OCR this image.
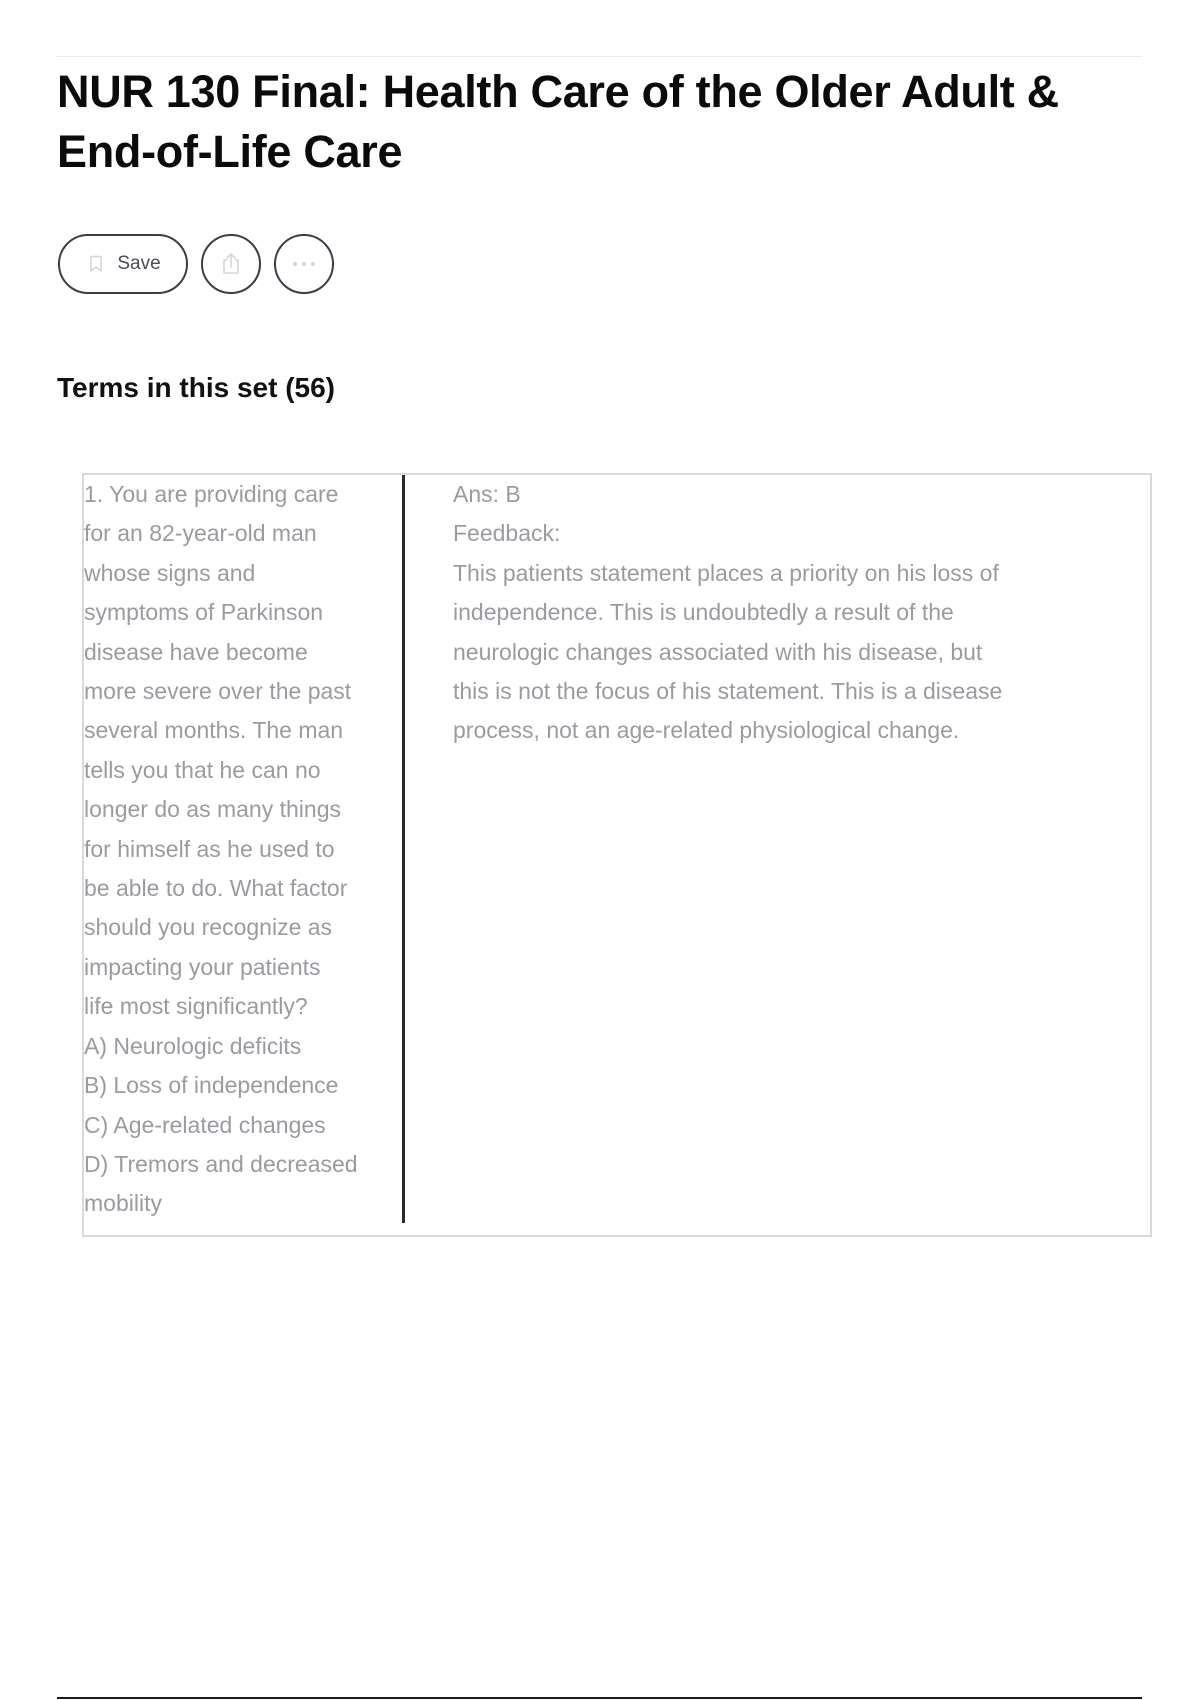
NUR 130 Final: Health Care of the Older Adult &
End-of-Life Care
Save
Terms in this set (56)
1. You are providing care
for an 82-year-old man
whose signs and
symptoms of Parkinson
disease have become
more severe over the past
several months. The man
tells you that he can no
longer do as many things
for himself as he used to
be able to do. What factor
should you recognize as
impacting your patients
life most significantly?
A) Neurologic deficits
B) Loss of independence
C) Age-related changes
D) Tremors and decreased
mobility
Ans: B
Feedback:
This patients statement places a priority on his loss of
independence. This is undoubtedly a result of the
neurologic changes associated with his disease, but
this is not the focus of his statement. This is a disease
process, not an age-related physiological change.
